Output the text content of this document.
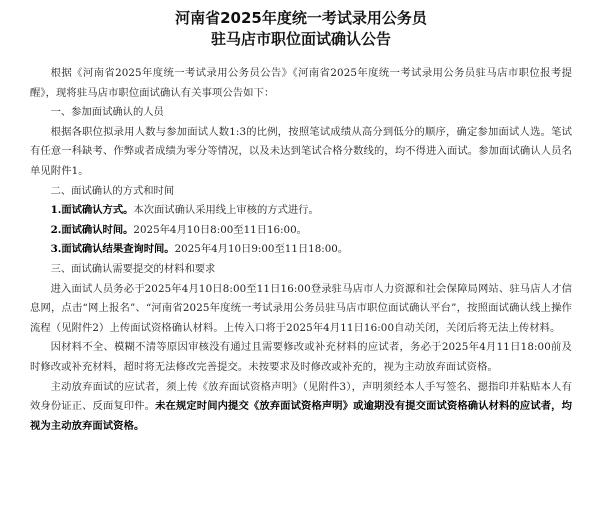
河南省2025年度统一考试录用公务员
驻马店市职位面试确认公告

根据《河南省2025年度统一考试录用公务员公告》《河南省2025年度统一考试录用公务员驻马店市职位报考提醒》，现将驻马店市职位面试确认有关事项公告如下：

一、参加面试确认的人员

根据各职位拟录用人数与参加面试人数1:3的比例，按照笔试成绩从高分到低分的顺序，确定参加面试人选。笔试有任意一科缺考、作弊或者成绩为零分等情况，以及未达到笔试合格分数线的，均不得进入面试。参加面试确认人员名单见附件1。

二、面试确认的方式和时间

1.面试确认方式。本次面试确认采用线上审核的方式进行。

2.面试确认时间。2025年4月10日8:00至11日16:00。

3.面试确认结果查询时间。2025年4月10日9:00至11日18:00。

三、面试确认需要提交的材料和要求

进入面试人员务必于2025年4月10日8:00至11日16:00登录驻马店市人力资源和社会保障局网站、驻马店人才信息网，点击“网上报名”、“河南省2025年度统一考试录用公务员驻马店市职位面试确认平台”，按照面试确认线上操作流程（见附件2）上传面试资格确认材料。上传入口将于2025年4月11日16:00自动关闭，关闭后将无法上传材料。

因材料不全、模糊不清等原因审核没有通过且需要修改或补充材料的应试者，务必于2025年4月11日18:00前及时修改或补充材料，超时将无法修改完善提交。未按要求及时修改或补充的，视为主动放弃面试资格。

主动放弃面试的应试者，须上传《放弃面试资格声明》（见附件3），声明须经本人手写签名、摁指印并粘贴本人有效身份证正、反面复印件。未在规定时间内提交《放弃面试资格声明》或逾期没有提交面试资格确认材料的应试者，均视为主动放弃面试资格。
